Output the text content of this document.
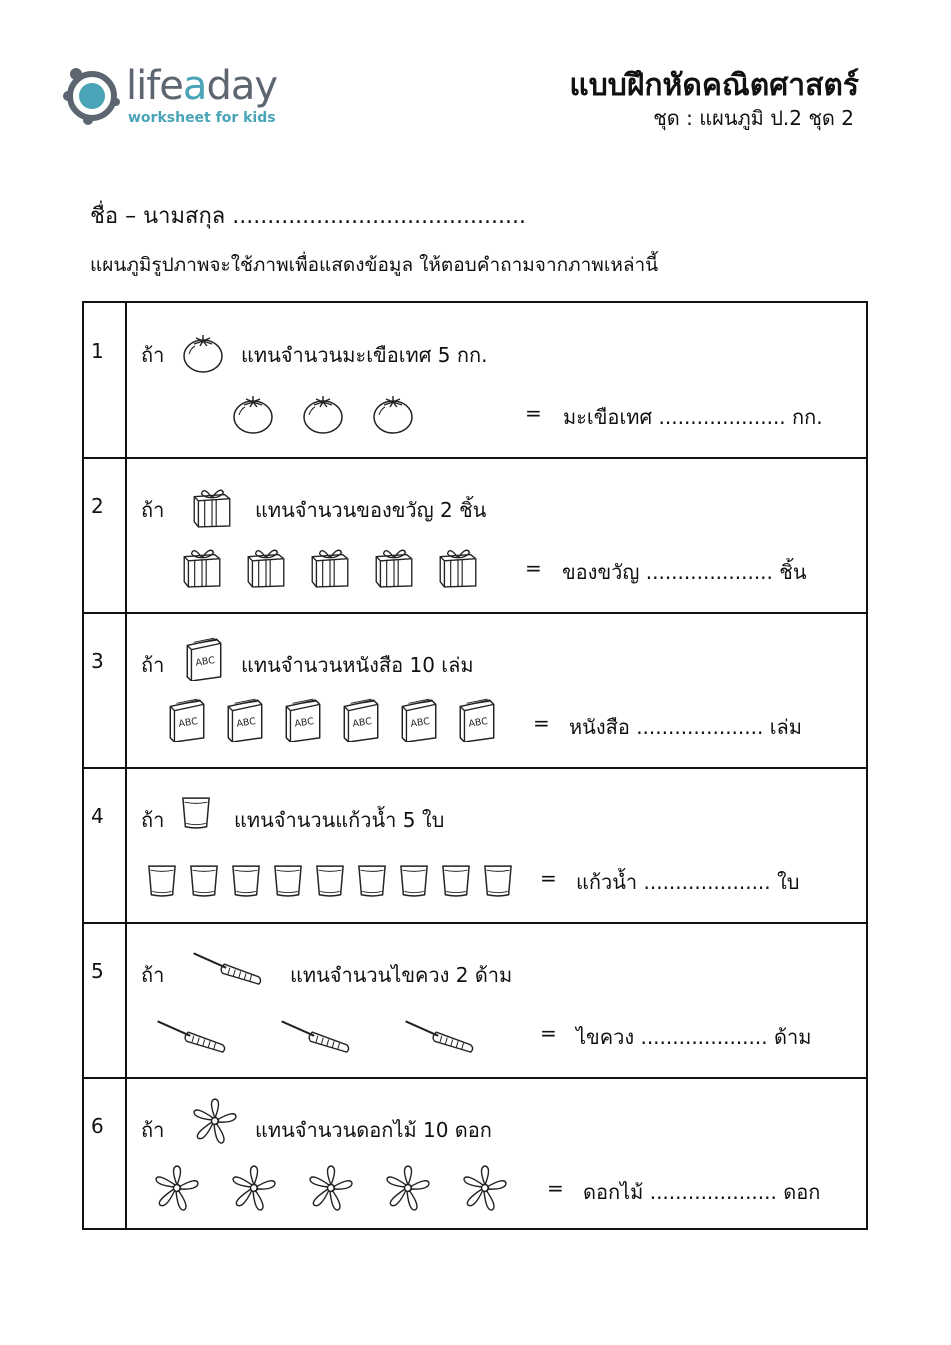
lifeaday
worksheet for kids
แบบฝึกหัดคณิตศาสตร์
ชุด : แผนภูมิ ป.2 ชุด 2
ชื่อ – นามสกุล ..........................................
แผนภูมิรูปภาพจะใช้ภาพเพื่อแสดงข้อมูล ให้ตอบคำถามจากภาพเหล่านี้
1 ถ้า	แทนจำนวนมะเขือเทศ 5 กก.
= มะเขือเทศ .................... กก.
2 ถ้า	แทนจำนวนของขวัญ 2 ชิ้น
= ของขวัญ .................... ชิ้น
3 ถ้า	ABC แทนจำนวนหนังสือ 10 เล่ม
ABC	ABC	ABC	ABC	ABC	ABC = หนังสือ .................... เล่ม
4 ถ้า	แทนจำนวนแก้วน้ำ 5 ใบ
= แก้วน้ำ .................... ใบ
5 ถ้า	แทนจำนวนไขควง 2 ด้าม
= ไขควง .................... ด้าม
6 ถ้า	แทนจำนวนดอกไม้ 10 ดอก
= ดอกไม้ .................... ดอก
